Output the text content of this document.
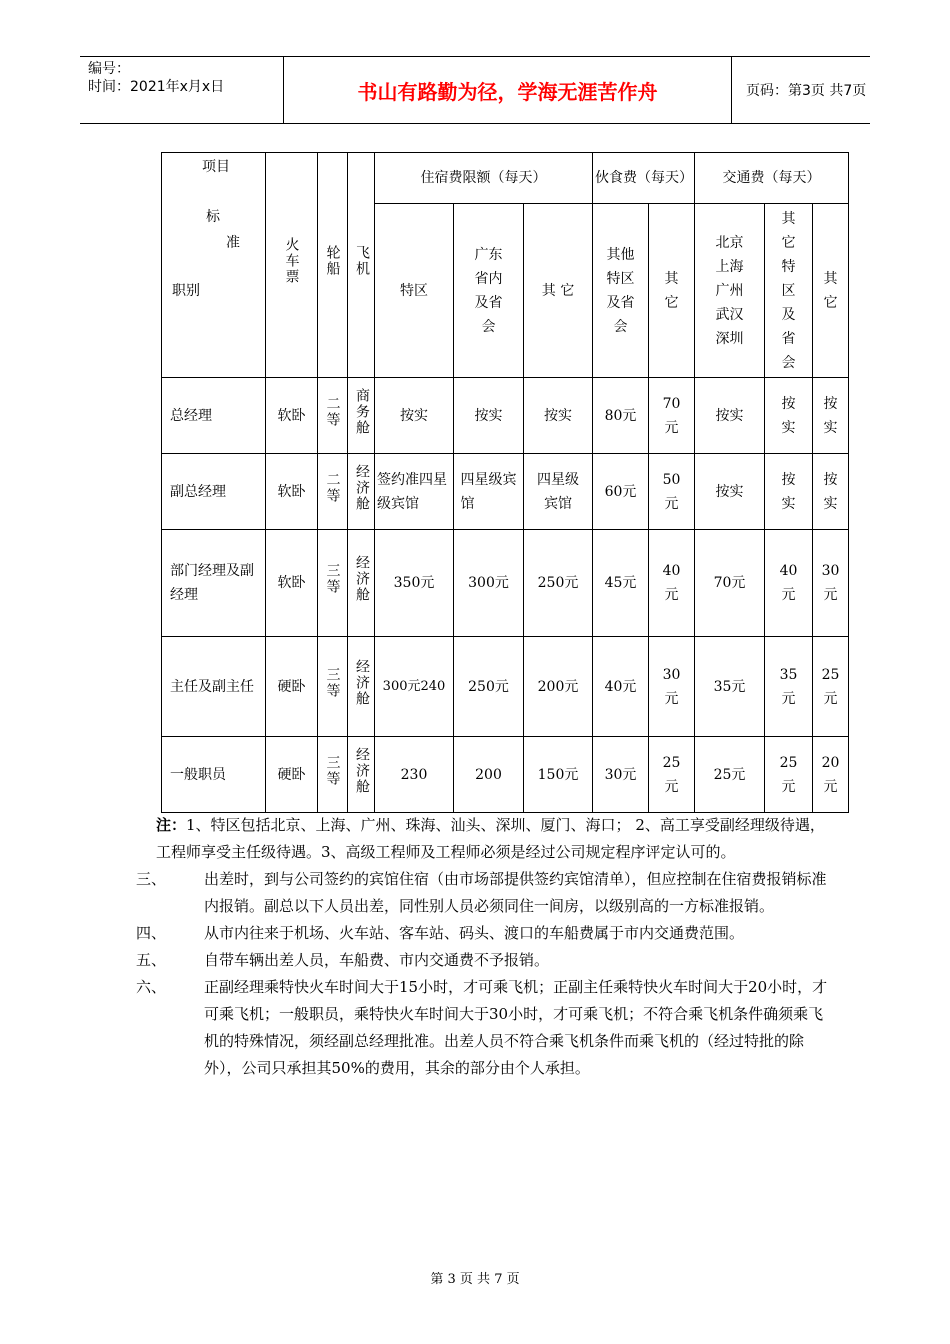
编号：
时间：2021年x月x日	书山有路勤为径，学海无涯苦作舟	页码：第3页 共7页
项目
标
准
职别	火车票	轮船	飞机	住宿费限额（每天）			伙食费（每天）		交通费（每天）		
				特区	广东省内及省会	其 它	其他特区及省会	其它	北京上海广州武汉深圳	其它特区及省会	其它

总经理	软卧	二等	商务舱	按实	按实	按实	80元	70元	按实	按实	按实

副总经理	软卧	二等	经济舱	签约准四星级宾馆	四星级宾馆	四星级宾馆	60元	50元	按实	按实	按实

部门经理及副经理	软卧	三等	经济舱	350元	300元	250元	45元	40元	70元	40元	30元

主任及副主任	硬卧	三等	经济舱	300元240	250元	200元	40元	30元	35元	35元	25元

一般职员	硬卧	三等	经济舱	230	200	150元	30元	25元	25元	25元	20元
注：1、特区包括北京、上海、广州、珠海、汕头、深圳、厦门、海口； 2、高工享受副经理级待遇，工程师享受主任级待遇。3、高级工程师及工程师必须是经过公司规定程序评定认可的。
三、	出差时，到与公司签约的宾馆住宿（由市场部提供签约宾馆清单），但应控制在住宿费报销标准内报销。副总以下人员出差，同性别人员必须同住一间房，以级别高的一方标准报销。
四、	从市内往来于机场、火车站、客车站、码头、渡口的车船费属于市内交通费范围。
五、	自带车辆出差人员，车船费、市内交通费不予报销。
六、	正副经理乘特快火车时间大于15小时，才可乘飞机；正副主任乘特快火车时间大于20小时，才可乘飞机；一般职员，乘特快火车时间大于30小时，才可乘飞机；不符合乘飞机条件确须乘飞机的特殊情况，须经副总经理批准。出差人员不符合乘飞机条件而乘飞机的（经过特批的除外），公司只承担其50%的费用，其余的部分由个人承担。
第 3 页 共 7 页
